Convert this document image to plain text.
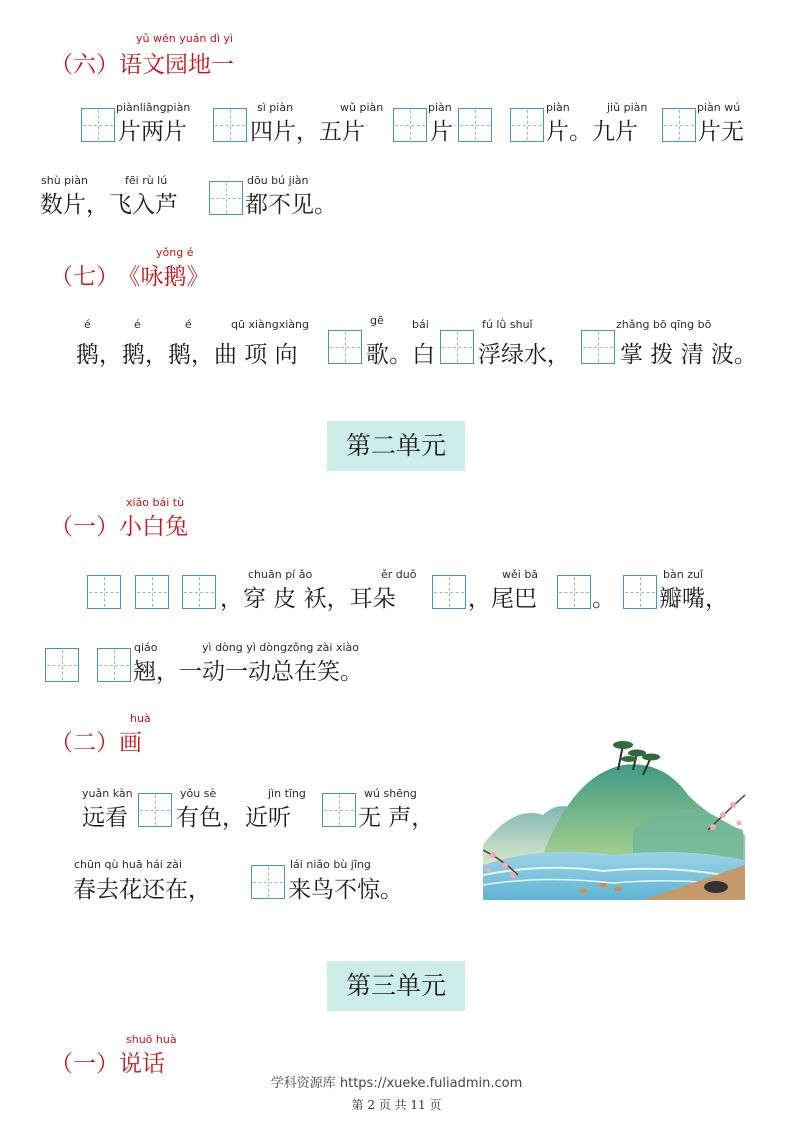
yǔ wén yuán dì yì
（六）语文园地一
piànliǎngpiàn
片两片
sì piàn
四片，五片
wǔ piàn	piàn
片
piàn	jiǔ piàn
片。九片
piàn wú
片无
shù piàn	fēi rù lú
数片，飞入芦
dōu bú jiàn
都不见。
yǒng é
（七） 《咏鹅》
é	é	é	qū xiàngxiàng
鹅，鹅，鹅，曲 项 向
gē	bái
歌。白
fú lǜ shuǐ
浮绿水，
zhǎng bō qīng bō
掌 拨 清 波。
第二单元
xiǎo bái tù
（一）小白兔
chuān pí ǎo	ěr duǒ
，穿 皮 袄，耳朵
wěi bā
，尾巴 。
bàn zuǐ
瓣嘴，
qiáo	yì dòng yì dòngzǒng zài xiào
翘，一动一动总在笑。
huà
（二）画
yuǎn kàn
远看
yǒu sè	jìn tīng
有色，近听
wú shēng
无 声，
chūn qù huā hái zài
春去花还在，
lái niǎo bù jīng
来鸟不惊。
第三单元
shuō huà
（一）说话
学科资源库 https://xueke.fuliadmin.com
第 2 页 共 11 页
